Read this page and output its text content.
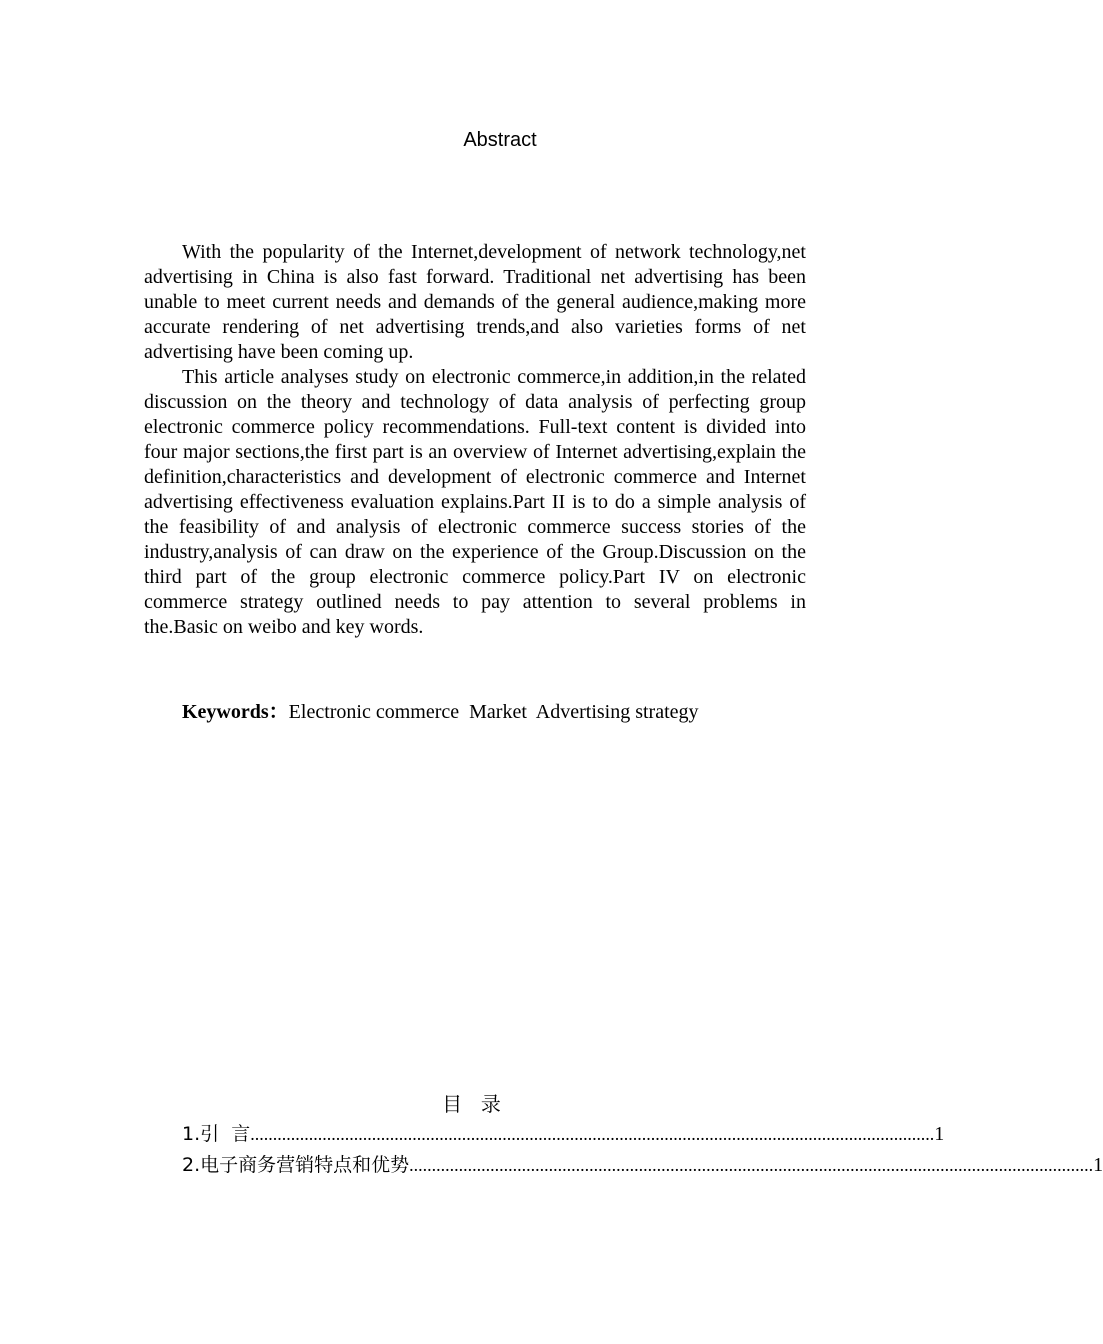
Abstract

With the popularity of the Internet,development of network technology,net advertising in China is also fast forward. Traditional net advertising has been unable to meet current needs and demands of the general audience,making more accurate rendering of net advertising trends,and also varieties forms of net advertising have been coming up.

This article analyses study on electronic commerce,in addition,in the related discussion on the theory and technology of data analysis of perfecting group electronic commerce policy recommendations. Full-text content is divided into four major sections,the first part is an overview of Internet advertising,explain the definition,characteristics and development of electronic commerce and Internet advertising effectiveness evaluation explains.Part II is to do a simple analysis of the feasibility of and analysis of electronic commerce success stories of the industry,analysis of can draw on the experience of the Group.Discussion on the third part of the group electronic commerce policy.Part IV on electronic commerce strategy outlined needs to pay attention to several problems in the.Basic on weibo and key words.

Keywords：Electronic commerce  Market  Advertising strategy
目  录
1.引  言 ........................................................................................................................................................ 1
2.电子商务营销特点和优势 ........................................................................................................................................................ 1
